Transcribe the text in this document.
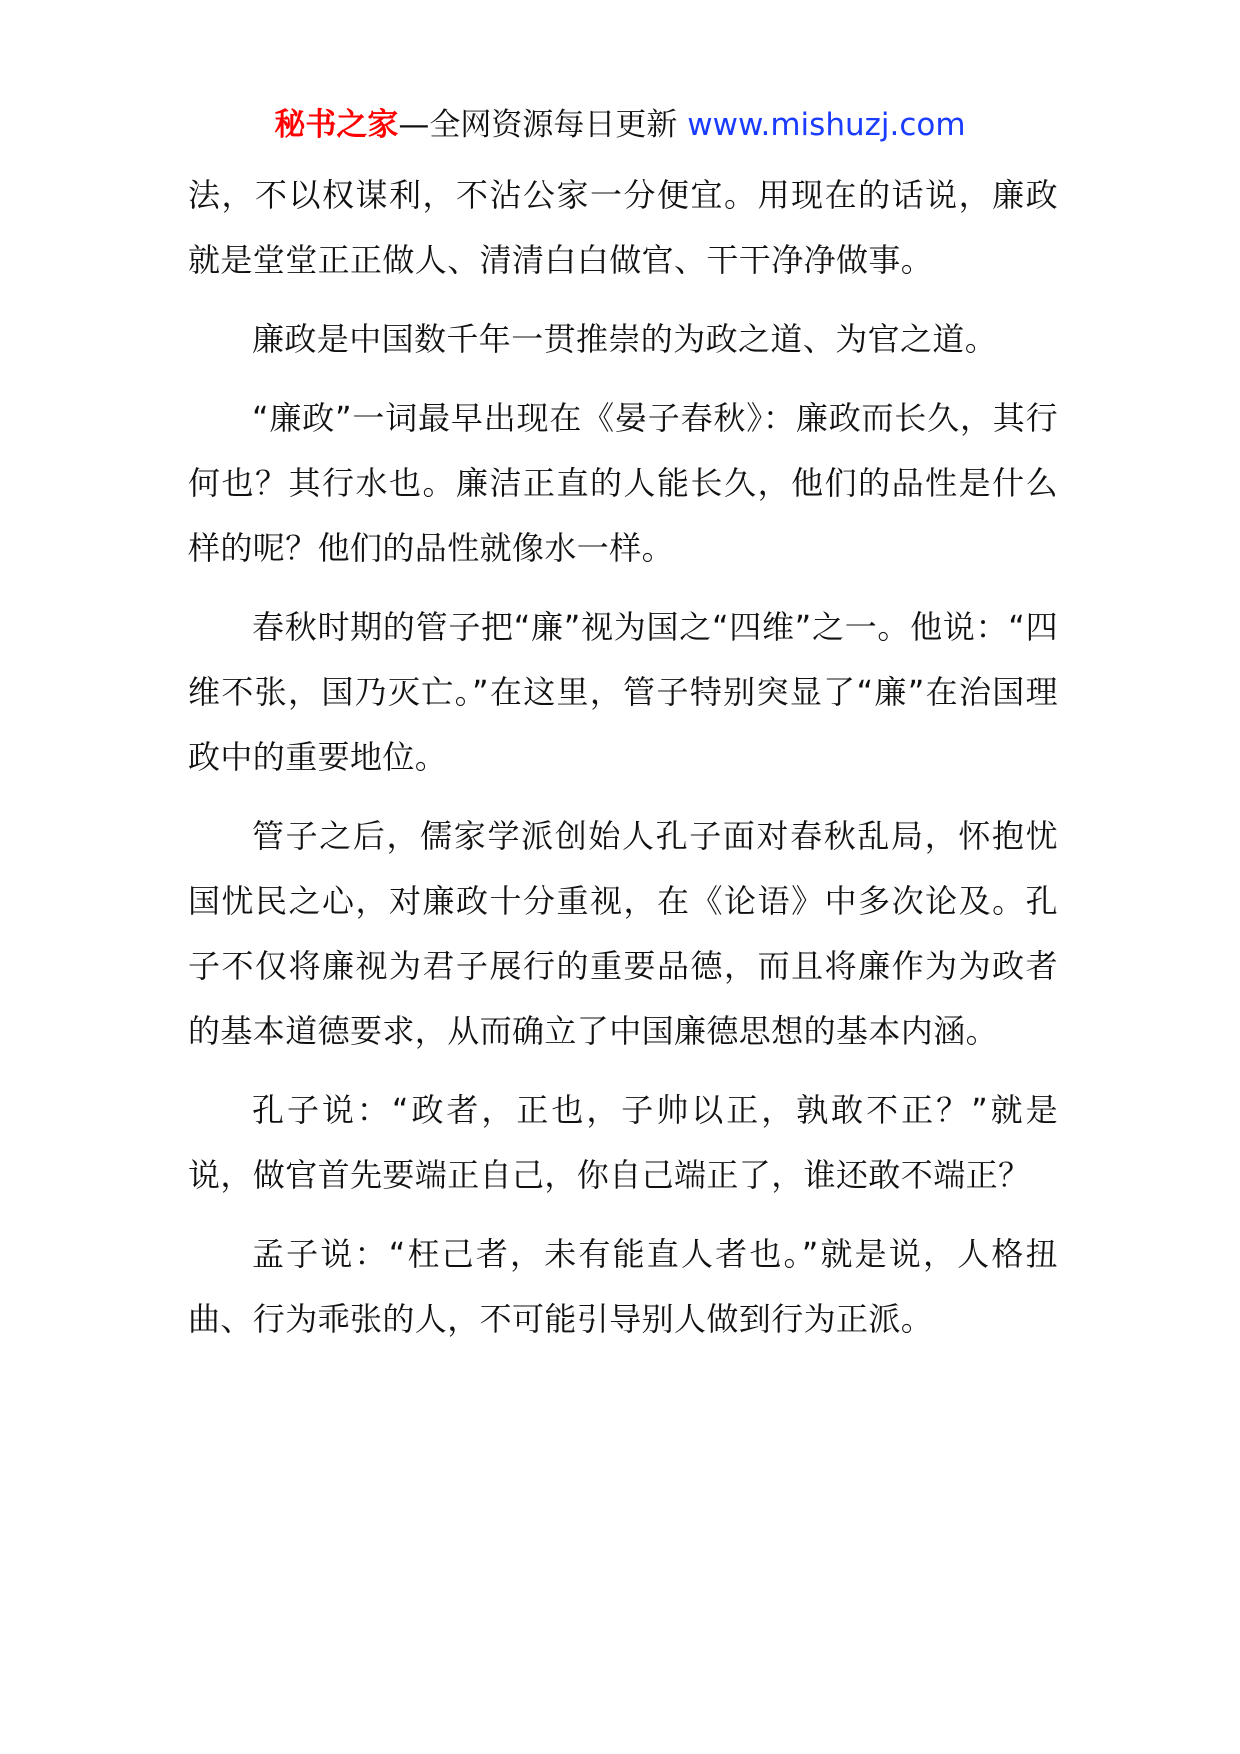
秘书之家—全网资源每日更新 www.mishuzj.com

法，不以权谋利，不沾公家一分便宜。用现在的话说，廉政就是堂堂正正做人、清清白白做官、干干净净做事。

廉政是中国数千年一贯推崇的为政之道、为官之道。

“廉政”一词最早出现在《晏子春秋》：廉政而长久，其行何也？其行水也。廉洁正直的人能长久，他们的品性是什么样的呢？他们的品性就像水一样。

春秋时期的管子把“廉”视为国之“四维”之一。他说：“四维不张，国乃灭亡。”在这里，管子特别突显了“廉”在治国理政中的重要地位。

管子之后，儒家学派创始人孔子面对春秋乱局，怀抱忧国忧民之心，对廉政十分重视，在《论语》中多次论及。孔子不仅将廉视为君子展行的重要品德，而且将廉作为为政者的基本道德要求，从而确立了中国廉德思想的基本内涵。

孔子说：“政者，正也，子帅以正，孰敢不正？”就是说，做官首先要端正自己，你自己端正了，谁还敢不端正？

孟子说：“枉己者，未有能直人者也。”就是说，人格扭曲、行为乖张的人，不可能引导别人做到行为正派。
